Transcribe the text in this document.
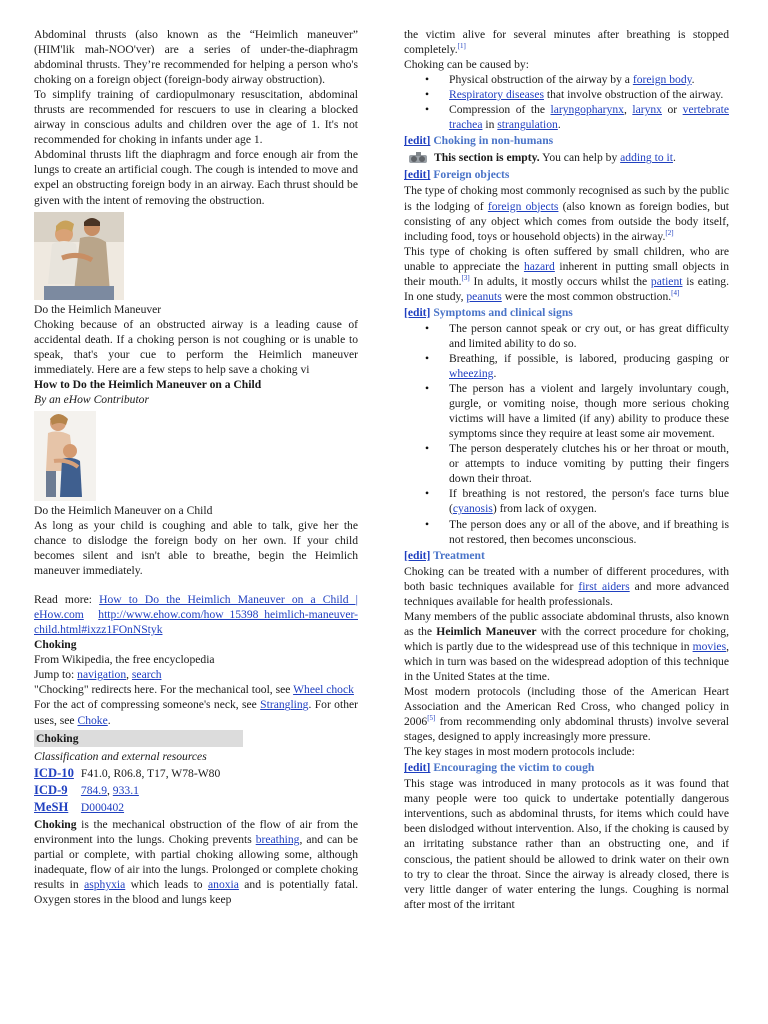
Abdominal thrusts (also known as the “Heimlich maneuver” (HIM'lik mah-NOO'ver) are a series of under-the-diaphragm abdominal thrusts. They’re recommended for helping a person who's choking on a foreign object (foreign-body airway obstruction).

To simplify training of cardiopulmonary resuscitation, abdominal thrusts are recommended for rescuers to use in clearing a blocked airway in conscious adults and children over the age of 1. It's not recommended for choking in infants under age 1.

Abdominal thrusts lift the diaphragm and force enough air from the lungs to create an artificial cough. The cough is intended to move and expel an obstructing foreign body in an airway. Each thrust should be given with the intent of removing the obstruction.

Do the Heimlich Maneuver

Choking because of an obstructed airway is a leading cause of accidental death. If a choking person is not coughing or is unable to speak, that's your cue to perform the Heimlich maneuver immediately. Here are a few steps to help save a choking vi

How to Do the Heimlich Maneuver on a Child

By an eHow Contributor

Do the Heimlich Maneuver on a Child

As long as your child is coughing and able to talk, give her the chance to dislodge the foreign body on her own. If your child becomes silent and isn't able to breathe, begin the Heimlich maneuver immediately.

Read more: How to Do the Heimlich Maneuver on a Child | eHow.com http://www.ehow.com/how_15398_heimlich-maneuver-child.html#ixzz1FOnNStyk

Choking

From Wikipedia, the free encyclopedia

Jump to: navigation, search

"Chocking" redirects here. For the mechanical tool, see Wheel chock

For the act of compressing someone's neck, see Strangling. For other uses, see Choke.

Choking

Classification and external resources

ICD-10 F41.0, R06.8, T17, W78-W80
ICD-9 784.9, 933.1
MeSH D000402

Choking is the mechanical obstruction of the flow of air from the environment into the lungs. Choking prevents breathing, and can be partial or complete, with partial choking allowing some, although inadequate, flow of air into the lungs. Prolonged or complete choking results in asphyxia which leads to anoxia and is potentially fatal. Oxygen stores in the blood and lungs keep

the victim alive for several minutes after breathing is stopped completely.[1]

Choking can be caused by:

• Physical obstruction of the airway by a foreign body.
• Respiratory diseases that involve obstruction of the airway.
• Compression of the laryngopharynx, larynx or vertebrate trachea in strangulation.
[edit] Choking in non-humans
This section is empty. You can help by adding to it.
[edit] Foreign objects

The type of choking most commonly recognised as such by the public is the lodging of foreign objects (also known as foreign bodies, but consisting of any object which comes from outside the body itself, including food, toys or household objects) in the airway.[2]

This type of choking is often suffered by small children, who are unable to appreciate the hazard inherent in putting small objects in their mouth.[3] In adults, it mostly occurs whilst the patient is eating. In one study, peanuts were the most common obstruction.[4]

[edit] Symptoms and clinical signs
• The person cannot speak or cry out, or has great difficulty and limited ability to do so.
• Breathing, if possible, is labored, producing gasping or wheezing.
• The person has a violent and largely involuntary cough, gurgle, or vomiting noise, though more serious choking victims will have a limited (if any) ability to produce these symptoms since they require at least some air movement.
• The person desperately clutches his or her throat or mouth, or attempts to induce vomiting by putting their fingers down their throat.
• If breathing is not restored, the person's face turns blue (cyanosis) from lack of oxygen.
• The person does any or all of the above, and if breathing is not restored, then becomes unconscious.
[edit] Treatment

Choking can be treated with a number of different procedures, with both basic techniques available for first aiders and more advanced techniques available for health professionals.

Many members of the public associate abdominal thrusts, also known as the Heimlich Maneuver with the correct procedure for choking, which is partly due to the widespread use of this technique in movies, which in turn was based on the widespread adoption of this technique in the United States at the time.

Most modern protocols (including those of the American Heart Association and the American Red Cross, who changed policy in 2006[5] from recommending only abdominal thrusts) involve several stages, designed to apply increasingly more pressure.

The key stages in most modern protocols include:

[edit] Encouraging the victim to cough

This stage was introduced in many protocols as it was found that many people were too quick to undertake potentially dangerous interventions, such as abdominal thrusts, for items which could have been dislodged without intervention. Also, if the choking is caused by an irritating substance rather than an obstructing one, and if conscious, the patient should be allowed to drink water on their own to try to clear the throat. Since the airway is already closed, there is very little danger of water entering the lungs. Coughing is normal after most of the irritant
